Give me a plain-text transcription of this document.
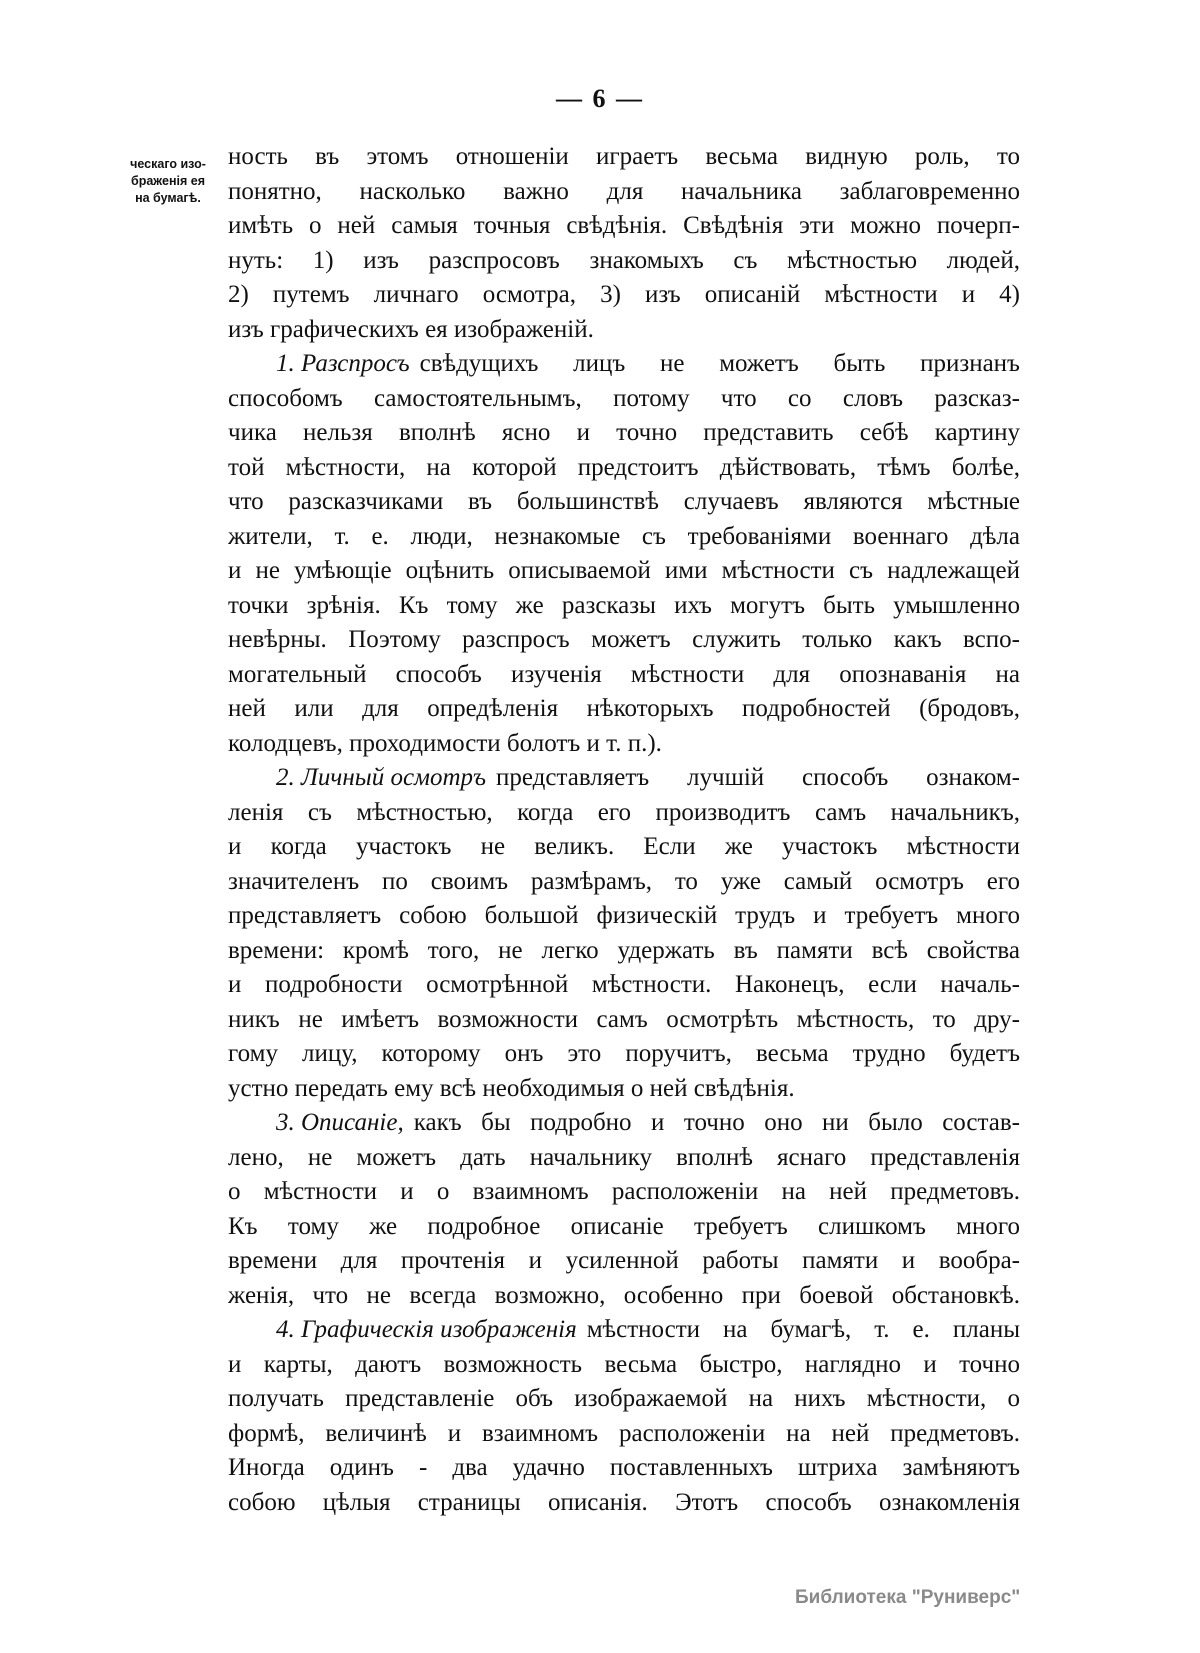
— 6 —
ческаго изо-
браженія ея
на бумагѣ.
ность въ этомъ отношеніи играетъ весьма видную роль, то
понятно, насколько важно для начальника заблаговременно
имѣть о ней самыя точныя свѣдѣнія. Свѣдѣнія эти можно почерп-
нуть: 1) изъ разспросовъ знакомыхъ съ мѣстностью людей,
2) путемъ личнаго осмотра, 3) изъ описаній мѣстности и 4)
изъ графическихъ ея изображеній.
1. Разспросъ свѣдущихъ лицъ не можетъ быть признанъ
способомъ самостоятельнымъ, потому что со словъ разсказ-
чика нельзя вполнѣ ясно и точно представить себѣ картину
той мѣстности, на которой предстоитъ дѣйствовать, тѣмъ болѣе,
что разсказчиками въ большинствѣ случаевъ являются мѣстные
жители, т. е. люди, незнакомые съ требованіями военнаго дѣла
и не умѣющіе оцѣнить описываемой ими мѣстности съ надлежащей
точки зрѣнія. Къ тому же разсказы ихъ могутъ быть умышленно
невѣрны. Поэтому разспросъ можетъ служить только какъ вспо-
могательный способъ изученія мѣстности для опознаванія на
ней или для опредѣленія нѣкоторыхъ подробностей (бродовъ,
колодцевъ, проходимости болотъ и т. п.).
2. Личный осмотръ представляетъ лучшій способъ ознаком-
ленія съ мѣстностью, когда его производитъ самъ начальникъ,
и когда участокъ не великъ. Если же участокъ мѣстности
значителенъ по своимъ размѣрамъ, то уже самый осмотръ его
представляетъ собою большой физическій трудъ и требуетъ много
времени: кромѣ того, не легко удержать въ памяти всѣ свойства
и подробности осмотрѣнной мѣстности. Наконецъ, если началь-
никъ не имѣетъ возможности самъ осмотрѣть мѣстность, то дру-
гому лицу, которому онъ это поручитъ, весьма трудно будетъ
устно передать ему всѣ необходимыя о ней свѣдѣнія.
3. Описаніе, какъ бы подробно и точно оно ни было состав-
лено, не можетъ дать начальнику вполнѣ яснаго представленія
о мѣстности и о взаимномъ расположеніи на ней предметовъ.
Къ тому же подробное описаніе требуетъ слишкомъ много
времени для прочтенія и усиленной работы памяти и вообра-
женія, что не всегда возможно, особенно при боевой обстановкѣ.
4. Графическія изображенія мѣстности на бумагѣ, т. е. планы
и карты, даютъ возможность весьма быстро, наглядно и точно
получать представленіе объ изображаемой на нихъ мѣстности, о
формѣ, величинѣ и взаимномъ расположеніи на ней предметовъ.
Иногда одинъ - два удачно поставленныхъ штриха замѣняютъ
собою цѣлыя страницы описанія. Этотъ способъ ознакомленія
Библиотека "Руниверс"
